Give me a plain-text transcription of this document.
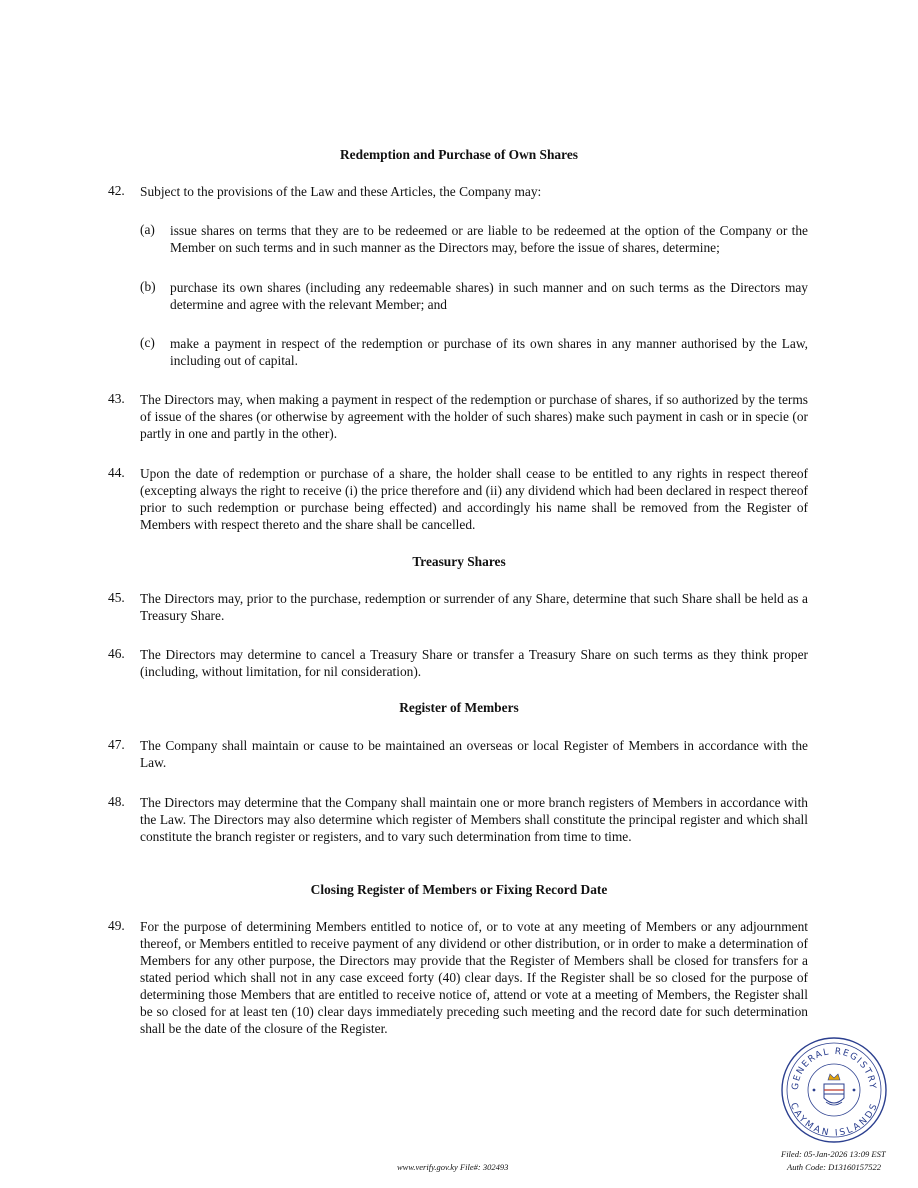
Redemption and Purchase of Own Shares
42. Subject to the provisions of the Law and these Articles, the Company may:
(a) issue shares on terms that they are to be redeemed or are liable to be redeemed at the option of the Company or the Member on such terms and in such manner as the Directors may, before the issue of shares, determine;
(b) purchase its own shares (including any redeemable shares) in such manner and on such terms as the Directors may determine and agree with the relevant Member; and
(c) make a payment in respect of the redemption or purchase of its own shares in any manner authorised by the Law, including out of capital.
43. The Directors may, when making a payment in respect of the redemption or purchase of shares, if so authorized by the terms of issue of the shares (or otherwise by agreement with the holder of such shares) make such payment in cash or in specie (or partly in one and partly in the other).
44. Upon the date of redemption or purchase of a share, the holder shall cease to be entitled to any rights in respect thereof (excepting always the right to receive (i) the price therefore and (ii) any dividend which had been declared in respect thereof prior to such redemption or purchase being effected) and accordingly his name shall be removed from the Register of Members with respect thereto and the share shall be cancelled.
Treasury Shares
45. The Directors may, prior to the purchase, redemption or surrender of any Share, determine that such Share shall be held as a Treasury Share.
46. The Directors may determine to cancel a Treasury Share or transfer a Treasury Share on such terms as they think proper (including, without limitation, for nil consideration).
Register of Members
47. The Company shall maintain or cause to be maintained an overseas or local Register of Members in accordance with the Law.
48. The Directors may determine that the Company shall maintain one or more branch registers of Members in accordance with the Law. The Directors may also determine which register of Members shall constitute the principal register and which shall constitute the branch register or registers, and to vary such determination from time to time.
Closing Register of Members or Fixing Record Date
49. For the purpose of determining Members entitled to notice of, or to vote at any meeting of Members or any adjournment thereof, or Members entitled to receive payment of any dividend or other distribution, or in order to make a determination of Members for any other purpose, the Directors may provide that the Register of Members shall be closed for transfers for a stated period which shall not in any case exceed forty (40) clear days. If the Register shall be so closed for the purpose of determining those Members that are entitled to receive notice of, attend or vote at a meeting of Members, the Register shall be so closed for at least ten (10) clear days immediately preceding such meeting and the record date for such determination shall be the date of the closure of the Register.
GENERAL REGISTRY
CAYMAN ISLANDS
www.verify.gov.ky File#: 302493
Filed: 05-Jan-2026 13:09 EST
Auth Code: D13160157522
